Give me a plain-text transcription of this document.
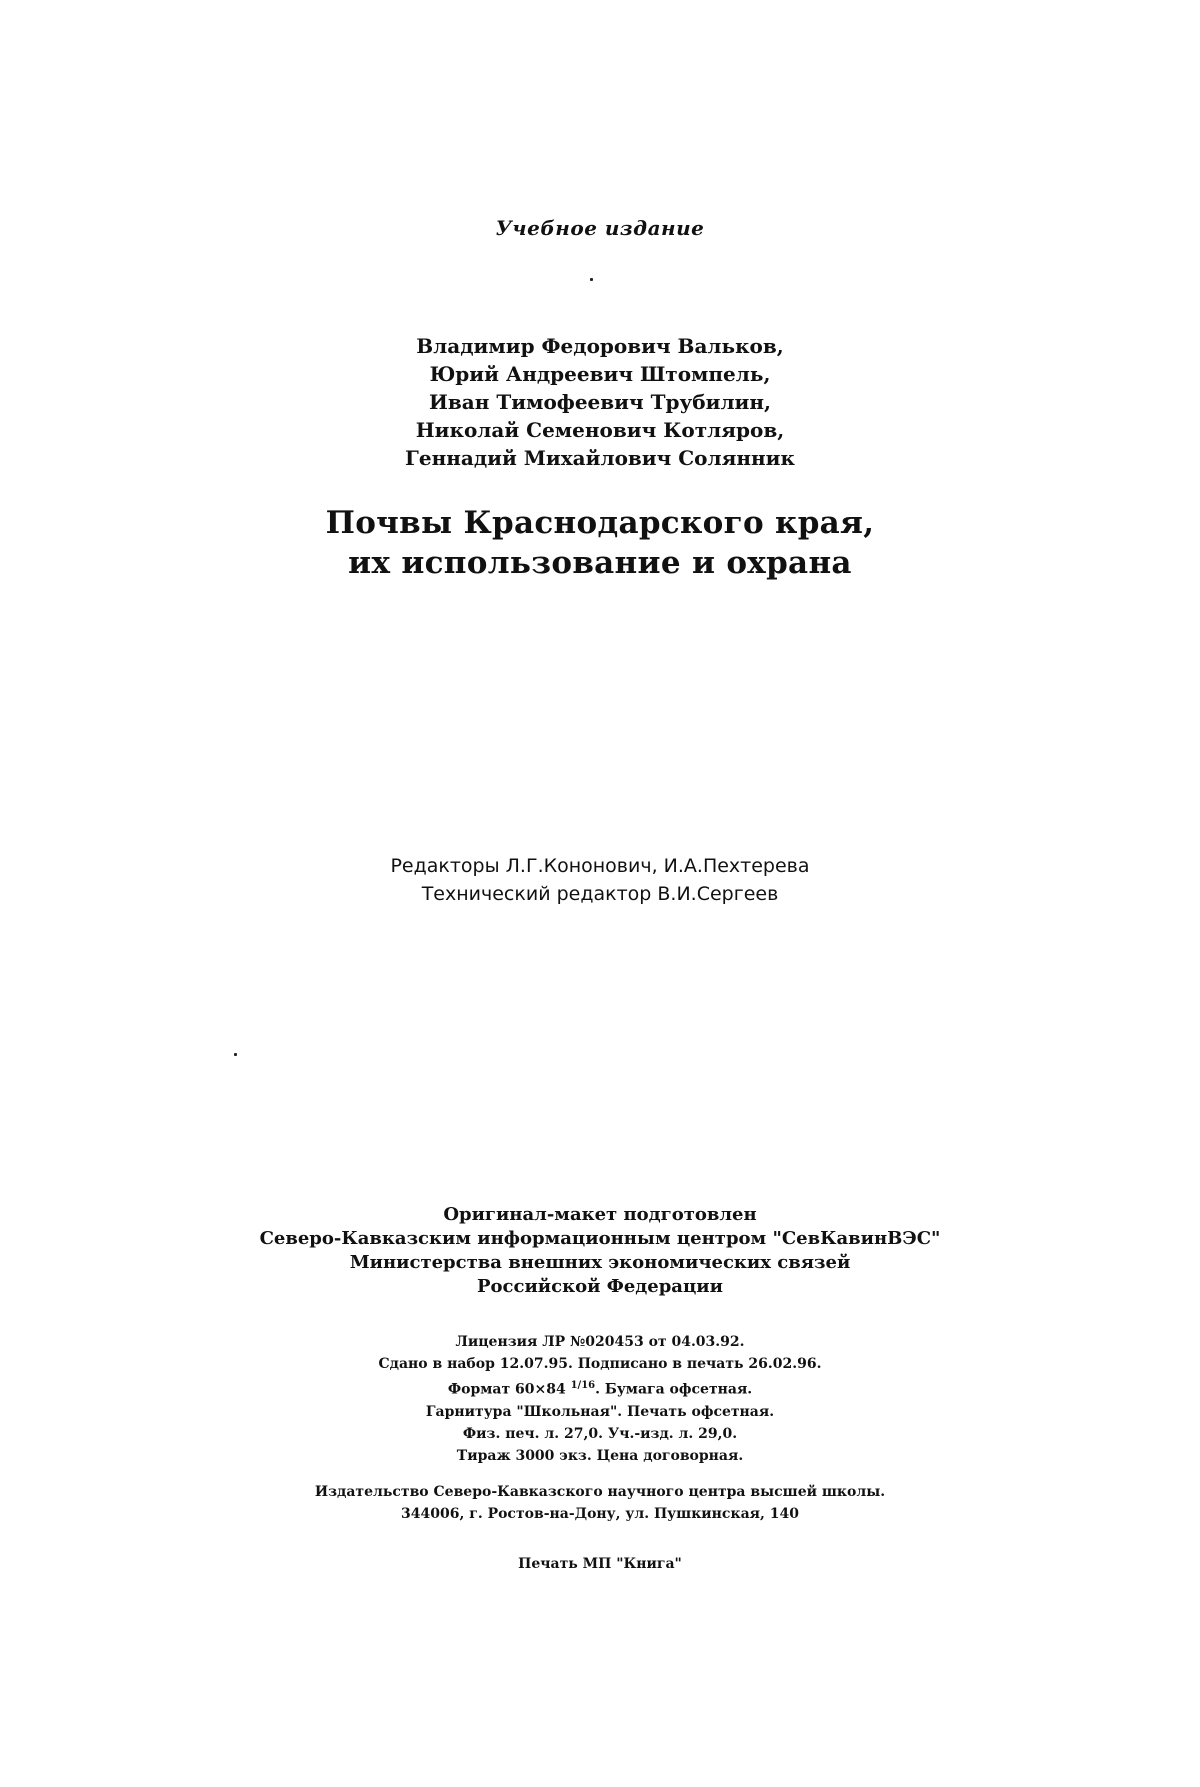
Учебное издание
Владимир Федорович Вальков,
Юрий Андреевич Штомпель,
Иван Тимофеевич Трубилин,
Николай Семенович Котляров,
Геннадий Михайлович Солянник
Почвы Краснодарского края,
их использование и охрана
Редакторы Л.Г.Кононович, И.А.Пехтерева
Технический редактор В.И.Сергеев
Оригинал-макет подготовлен
Северо-Кавказским информационным центром "СевКавинВЭС"
Министерства внешних экономических связей
Российской Федерации
Лицензия ЛР №020453 от 04.03.92.
Сдано в набор 12.07.95. Подписано в печать 26.02.96.
Формат 60×84 $^{1/16}$. Бумага офсетная.
Гарнитура "Школьная". Печать офсетная.
Физ. печ. л. 27,0. Уч.-изд. л. 29,0.
Тираж 3000 экз. Цена договорная.
Издательство Северо-Кавказского научного центра высшей школы.
344006, г. Ростов-на-Дону, ул. Пушкинская, 140
Печать МП "Книга"
